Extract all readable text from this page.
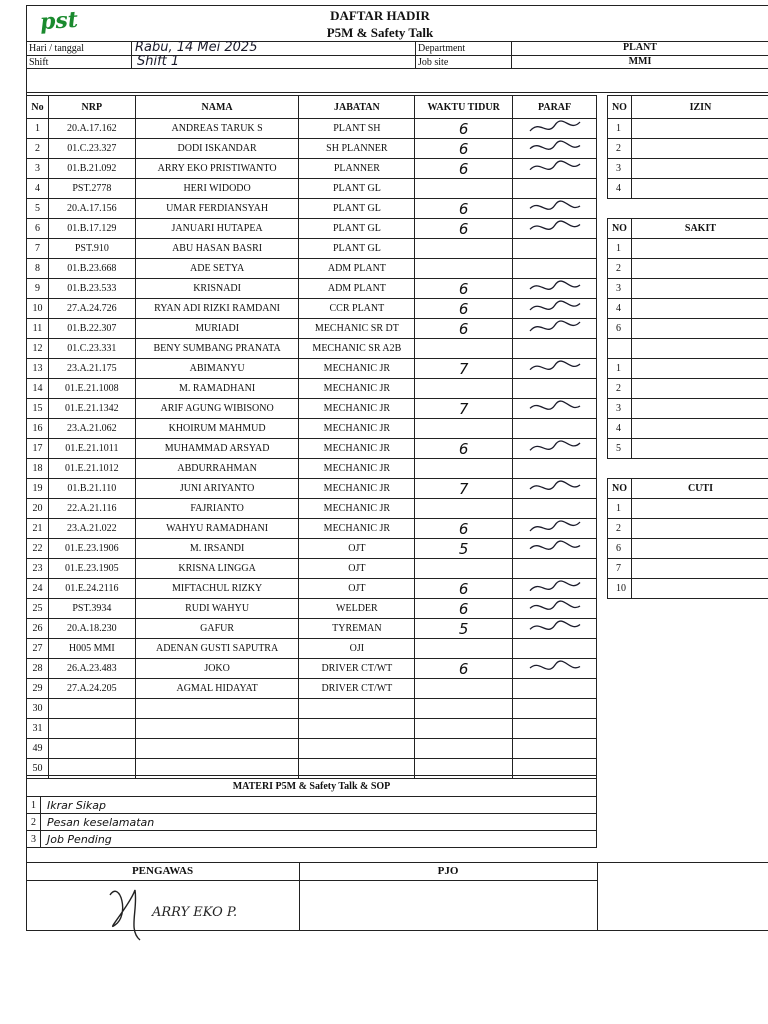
pst	DAFTAR HADIR
P5M & Safety Talk
Hari / tanggal	Rabu, 14 Mei 2025
Shift	Shift 1
Department	PLANT
Job site	MMI
No	NRP	NAMA	JABATAN	WAKTU TIDUR	PARAF
1	20.A.17.162	ANDREAS TARUK S	PLANT SH	6	
2	01.C.23.327	DODI ISKANDAR	SH PLANNER	6	
3	01.B.21.092	ARRY EKO PRISTIWANTO	PLANNER	6	
4	PST.2778	HERI WIDODO	PLANT GL		
5	20.A.17.156	UMAR FERDIANSYAH	PLANT GL	6	
6	01.B.17.129	JANUARI HUTAPEA	PLANT GL	6	
7	PST.910	ABU HASAN BASRI	PLANT GL		
8	01.B.23.668	ADE SETYA	ADM PLANT		
9	01.B.23.533	KRISNADI	ADM PLANT	6	
10	27.A.24.726	RYAN ADI RIZKI RAMDANI	CCR PLANT	6	
11	01.B.22.307	MURIADI	MECHANIC SR DT	6	
12	01.C.23.331	BENY SUMBANG PRANATA	MECHANIC SR A2B		
13	23.A.21.175	ABIMANYU	MECHANIC JR	7	
14	01.E.21.1008	M. RAMADHANI	MECHANIC JR		
15	01.E.21.1342	ARIF AGUNG WIBISONO	MECHANIC JR	7	
16	23.A.21.062	KHOIRUM MAHMUD	MECHANIC JR		
17	01.E.21.1011	MUHAMMAD ARSYAD	MECHANIC JR	6	
18	01.E.21.1012	ABDURRAHMAN	MECHANIC JR		
19	01.B.21.110	JUNI ARIYANTO	MECHANIC JR	7	
20	22.A.21.116	FAJRIANTO	MECHANIC JR		
21	23.A.21.022	WAHYU RAMADHANI	MECHANIC JR	6	
22	01.E.23.1906	M. IRSANDI	OJT	5	
23	01.E.23.1905	KRISNA LINGGA	OJT		
24	01.E.24.2116	MIFTACHUL RIZKY	OJT	6	
25	PST.3934	RUDI WAHYU	WELDER	6	
26	20.A.18.230	GAFUR	TYREMAN	5	
27	H005 MMI	ADENAN GUSTI SAPUTRA	OJI		
28	26.A.23.483	JOKO	DRIVER CT/WT	6	
29	27.A.24.205	AGMAL HIDAYAT	DRIVER CT/WT		
30					
31					
49					
50					
NO	IZIN
1	
2	
3	
4	
NO	SAKIT
1	
2	
3	
4	
6	

1	
2	
3	
4	
5	
NO	CUTI
1	
2	
6	
7	
10	
MATERI P5M & Safety Talk & SOP	
1	Ikrar Sikap
2	Pesan keselamatan
3	Job Pending
PENGAWAS	PJO
ARRY EKO P.
